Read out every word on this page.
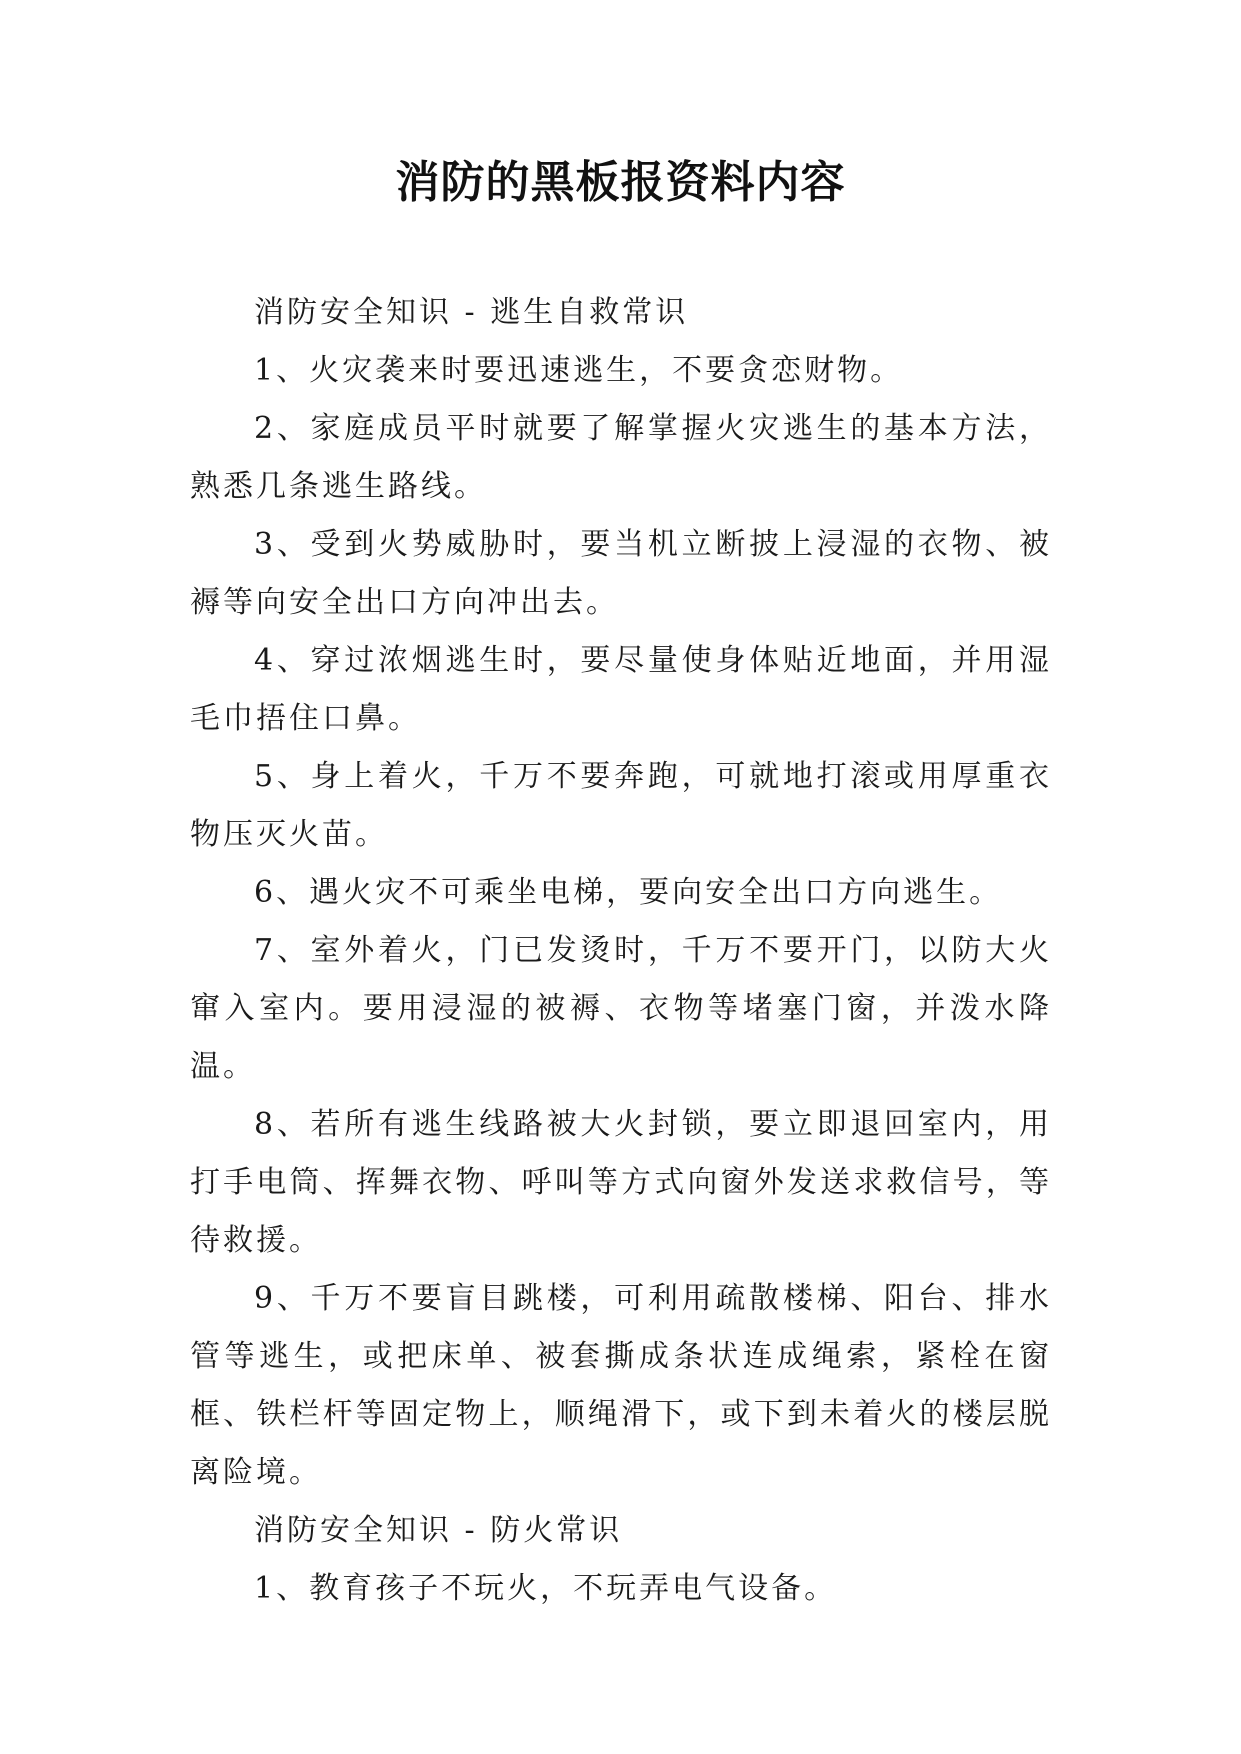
消防的黑板报资料内容

消防安全知识 - 逃生自救常识

1、火灾袭来时要迅速逃生，不要贪恋财物。

2、家庭成员平时就要了解掌握火灾逃生的基本方法，熟悉几条逃生路线。

3、受到火势威胁时，要当机立断披上浸湿的衣物、被褥等向安全出口方向冲出去。

4、穿过浓烟逃生时，要尽量使身体贴近地面，并用湿毛巾捂住口鼻。

5、身上着火，千万不要奔跑，可就地打滚或用厚重衣物压灭火苗。

6、遇火灾不可乘坐电梯，要向安全出口方向逃生。

7、室外着火，门已发烫时，千万不要开门，以防大火窜入室内。要用浸湿的被褥、衣物等堵塞门窗，并泼水降温。

8、若所有逃生线路被大火封锁，要立即退回室内，用打手电筒、挥舞衣物、呼叫等方式向窗外发送求救信号，等待救援。

9、千万不要盲目跳楼，可利用疏散楼梯、阳台、排水管等逃生，或把床单、被套撕成条状连成绳索，紧栓在窗框、铁栏杆等固定物上，顺绳滑下，或下到未着火的楼层脱离险境。

消防安全知识 - 防火常识

1、教育孩子不玩火，不玩弄电气设备。
